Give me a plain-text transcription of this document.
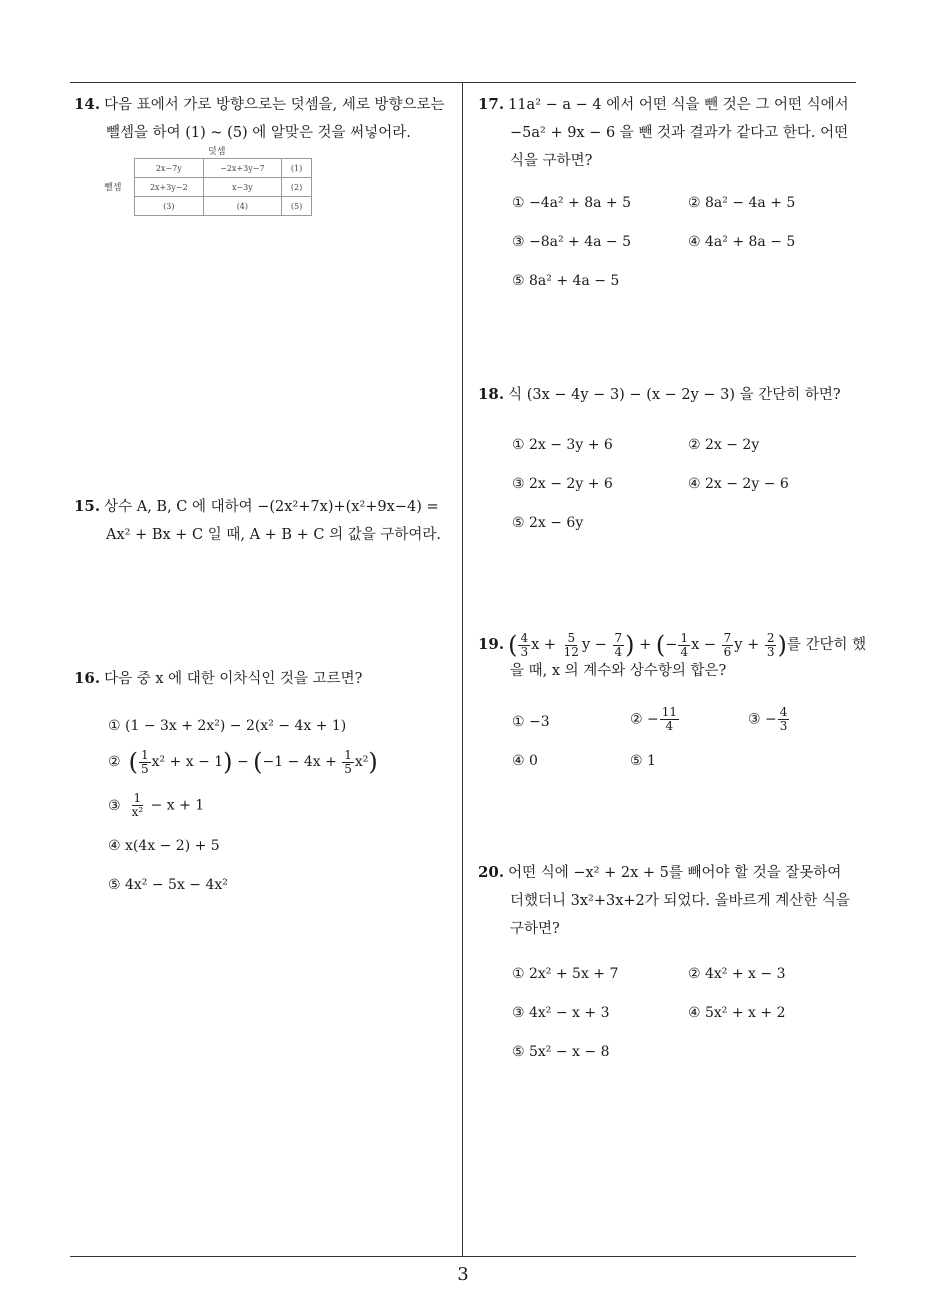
14. 다음 표에서 가로 방향으로는 덧셈을, 세로 방향으로는
뺄셈을 하여 (1) ~ (5) 에 알맞은 것을 써넣어라.
덧셈
뺄셈
2x−7y	−2x+3y−7	(1)
2x+3y−2	x−3y	(2)
(3)	(4)	(5)
15. 상수 A, B, C 에 대하여 −(2x²+7x)+(x²+9x−4) =
Ax² + Bx + C 일 때, A + B + C 의 값을 구하여라.
16. 다음 중 x 에 대한 이차식인 것을 고르면?
① (1 − 3x + 2x²) − 2(x² − 4x + 1)
② ( $\frac{1}{5} x^2 + x - 1) - (-1 - 4x + \frac{1}{5} x^2)$
③ $\frac{1}{\text{x²}} - x + 1$
④ x(4x − 2) + 5
⑤ 4x² − 5x − 4x²
17. 11a² − a − 4 에서 어떤 식을 뺀 것은 그 어떤 식에서
−5a² + 9x − 6 을 뺀 것과 결과가 같다고 한다. 어떤
식을 구하면?
① −4a² + 8a + 5	② 8a² − 4a + 5
③ −8a² + 4a − 5	④ 4a² + 8a − 5
⑤ 8a² + 4a − 5
18. 식 (3x − 4y − 3) − (x − 2y − 3) 을 간단히 하면?
① 2x − 3y + 6	② 2x − 2y
③ 2x − 2y + 6	④ 2x − 2y − 6
⑤ 2x − 6y
19. ( $\frac{4}{3}$ $x + \frac{5}{12}$ $y - \frac{7}{4}$ ) + (− $\frac{1}{4}$ $x - \frac{7}{6}$ $y + \frac{2}{3}$ )를 간단히 했
을 때, x 의 계수와 상수항의 합은?
① −3	② − $\frac{11}{4}$	③ − $\frac{4}{3}$
④ 0	⑤ 1
20. 어떤 식에 −x² + 2x + 5를 빼어야 할 것을 잘못하여
더했더니 3x²+3x+2가 되었다. 올바르게 계산한 식을
구하면?
① 2x² + 5x + 7	② 4x² + x − 3
③ 4x² − x + 3	④ 5x² + x + 2
⑤ 5x² − x − 8
3
